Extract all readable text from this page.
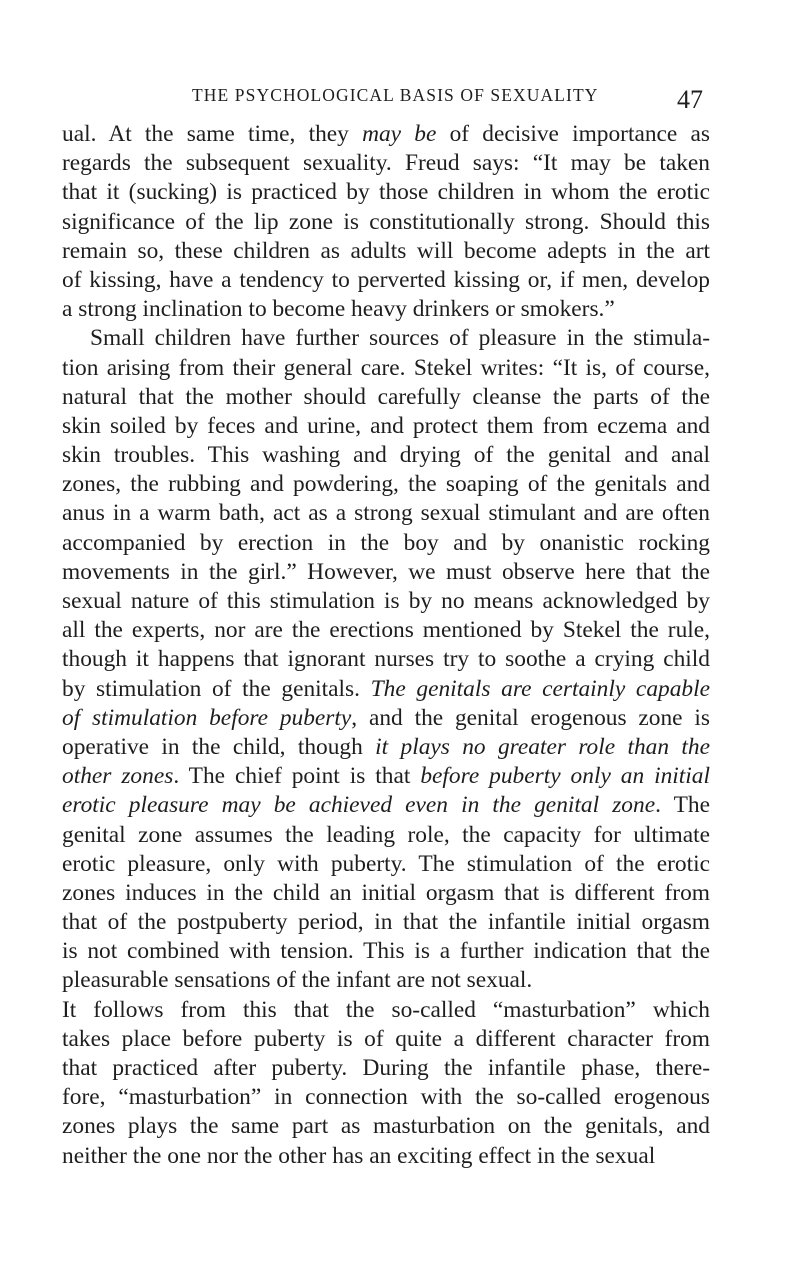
THE PSYCHOLOGICAL BASIS OF SEXUALITY	47
ual. At the same time, they may be of decisive importance as
regards the subsequent sexuality. Freud says: “It may be taken
that it (sucking) is practiced by those children in whom the erotic
significance of the lip zone is constitutionally strong. Should this
remain so, these children as adults will become adepts in the art
of kissing, have a tendency to perverted kissing or, if men, develop
a strong inclination to become heavy drinkers or smokers.”
Small children have further sources of pleasure in the stimula-
tion arising from their general care. Stekel writes: “It is, of course,
natural that the mother should carefully cleanse the parts of the
skin soiled by feces and urine, and protect them from eczema and
skin troubles. This washing and drying of the genital and anal
zones, the rubbing and powdering, the soaping of the genitals and
anus in a warm bath, act as a strong sexual stimulant and are often
accompanied by erection in the boy and by onanistic rocking
movements in the girl.” However, we must observe here that the
sexual nature of this stimulation is by no means acknowledged by
all the experts, nor are the erections mentioned by Stekel the rule,
though it happens that ignorant nurses try to soothe a crying child
by stimulation of the genitals. The genitals are certainly capable
of stimulation before puberty, and the genital erogenous zone is
operative in the child, though it plays no greater role than the
other zones. The chief point is that before puberty only an initial
erotic pleasure may be achieved even in the genital zone. The
genital zone assumes the leading role, the capacity for ultimate
erotic pleasure, only with puberty. The stimulation of the erotic
zones induces in the child an initial orgasm that is different from
that of the postpuberty period, in that the infantile initial orgasm
is not combined with tension. This is a further indication that the
pleasurable sensations of the infant are not sexual.
It follows from this that the so-called “masturbation” which
takes place before puberty is of quite a different character from
that practiced after puberty. During the infantile phase, there-
fore, “masturbation” in connection with the so-called erogenous
zones plays the same part as masturbation on the genitals, and
neither the one nor the other has an exciting effect in the sexual
